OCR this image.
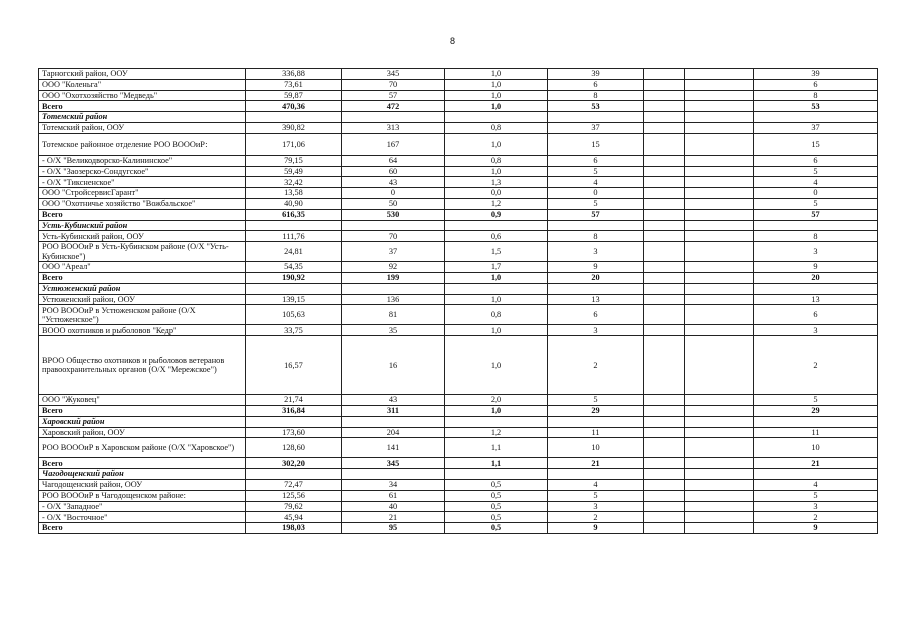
8
Тарногский район, ООУ	336,88	345	1,0	39			39
ООО "Коленьга"	73,61	70	1,0	6			6
ООО "Охотхозяйство "Медведь"	59,87	57	1,0	8			8
Всего	470,36	472	1,0	53			53
Тотемский район							
Тотемский район, ООУ	390,82	313	0,8	37			37
Тотемское районное отделение РОО ВОООиР:	171,06	167	1,0	15			15
- О/Х "Великодворско-Калининское"	79,15	64	0,8	6			6
- О/Х "Заозерско-Сондугское"	59,49	60	1,0	5			5
- О/Х "Тиксненское"	32,42	43	1,3	4			4
ООО "СтройсервисГарант"	13,58	0	0,0	0			0
ООО "Охотничье хозяйство "Вожбальское"	40,90	50	1,2	5			5
Всего	616,35	530	0,9	57			57
Усть-Кубинский район							
Усть-Кубинский район, ООУ	111,76	70	0,6	8			8
РОО ВОООиР в Усть-Кубинском районе (О/Х "Усть-Кубинское")	24,81	37	1,5	3			3
ООО "Ареал"	54,35	92	1,7	9			9
Всего	190,92	199	1,0	20			20
Устюженский район							
Устюженский район, ООУ	139,15	136	1,0	13			13
РОО ВОООиР в Устюженском районе (О/Х "Устюженское")	105,63	81	0,8	6			6
ВООО охотников и рыболовов "Кедр"	33,75	35	1,0	3			3
ВРОО Общество охотников и рыболовов ветеранов правоохранительных органов (О/Х "Мережское")	16,57	16	1,0	2			2
ООО "Жуковец"	21,74	43	2,0	5			5
Всего	316,84	311	1,0	29			29
Харовский район							
Харовский район, ООУ	173,60	204	1,2	11			11
РОО ВОООиР в Харовском районе (О/Х "Харовское")	128,60	141	1,1	10			10
Всего	302,20	345	1,1	21			21
Чагодощенский район							
Чагодощенский район, ООУ	72,47	34	0,5	4			4
РОО ВОООиР в Чагодощенском районе:	125,56	61	0,5	5			5
- О/Х "Западное"	79,62	40	0,5	3			3
- О/Х "Восточное"	45,94	21	0,5	2			2
Всего	198,03	95	0,5	9			9
